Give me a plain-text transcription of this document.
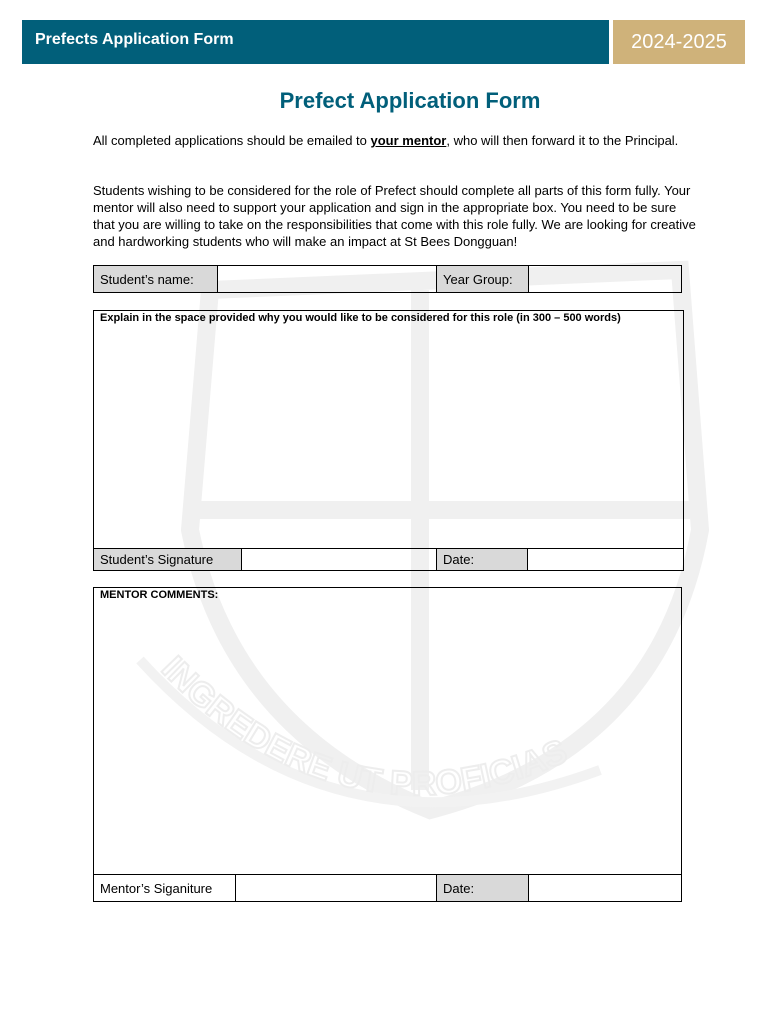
Prefects Application Form	2024-2025
INGREDERE UT PROFICIAS
Prefect Application Form
All completed applications should be emailed to your mentor, who will then forward it to the Principal.
Students wishing to be considered for the role of Prefect should complete all parts of this form fully. Your mentor will also need to support your application and sign in the appropriate box. You need to be sure that you are willing to take on the responsibilities that come with this role fully. We are looking for creative and hardworking students who will make an impact at St Bees Dongguan!
Student’s name:		Year Group:	
Explain in the space provided why you would like to be considered for this role (in 300 – 500 words)
Student’s Signature		Date:	
MENTOR COMMENTS:
Mentor’s Siganiture		Date:	
